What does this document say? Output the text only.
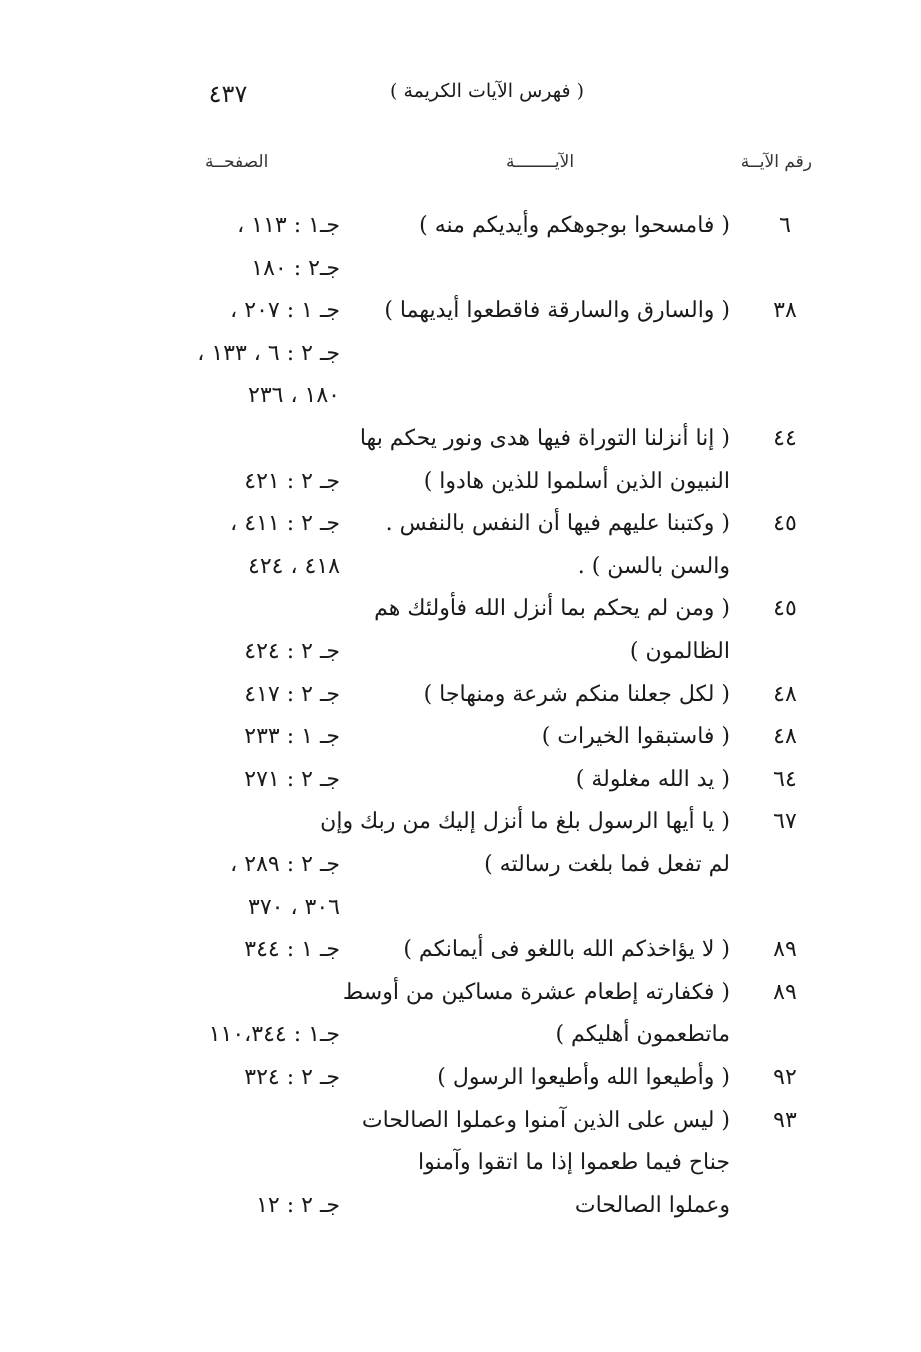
٤٣٧	( فهرس الآيات الكريمة )
رقم الآيــة
الآيــــــــة
الصفحــة
٦
( فامسحوا بوجوهكم وأيديكم منه )
جـ١ : ١١٣ ،
جـ٢ : ١٨٠
٣٨
( والسارق والسارقة فاقطعوا أيديهما )
جـ ١ : ٢٠٧ ،
جـ ٢ : ٦ ، ١٣٣ ،
١٨٠ ، ٢٣٦
٤٤
( إنا أنزلنا التوراة فيها هدى ونور يحكم بها
النبيون الذين أسلموا للذين هادوا )
جـ ٢ : ٤٢١
٤٥
( وكتبنا عليهم فيها أن النفس بالنفس .
جـ ٢ : ٤١١ ،
والسن بالسن ) .
٤١٨ ، ٤٢٤
٤٥
( ومن لم يحكم بما أنزل الله فأولئك هم
الظالمون )
جـ ٢ : ٤٢٤
٤٨
( لكل جعلنا منكم شرعة ومنهاجا )
جـ ٢ : ٤١٧
٤٨
( فاستبقوا الخيرات )
جـ ١ : ٢٣٣
٦٤
( يد الله مغلولة )
جـ ٢ : ٢٧١
٦٧
( يا أيها الرسول بلغ ما أنزل إليك من ربك وإن
لم تفعل فما بلغت رسالته )
جـ ٢ : ٢٨٩ ،
٣٠٦ ، ٣٧٠
٨٩
( لا يؤاخذكم الله باللغو فى أيمانكم )
جـ ١ : ٣٤٤
٨٩
( فكفارته إطعام عشرة مساكين من أوسط
ماتطعمون أهليكم )
جـ١ : ١١٠،٣٤٤
٩٢
( وأطيعوا الله وأطيعوا الرسول )
جـ ٢ : ٣٢٤
٩٣
( ليس على الذين آمنوا وعملوا الصالحات
جناح فيما طعموا إذا ما اتقوا وآمنوا
وعملوا الصالحات
جـ ٢ : ١٢
